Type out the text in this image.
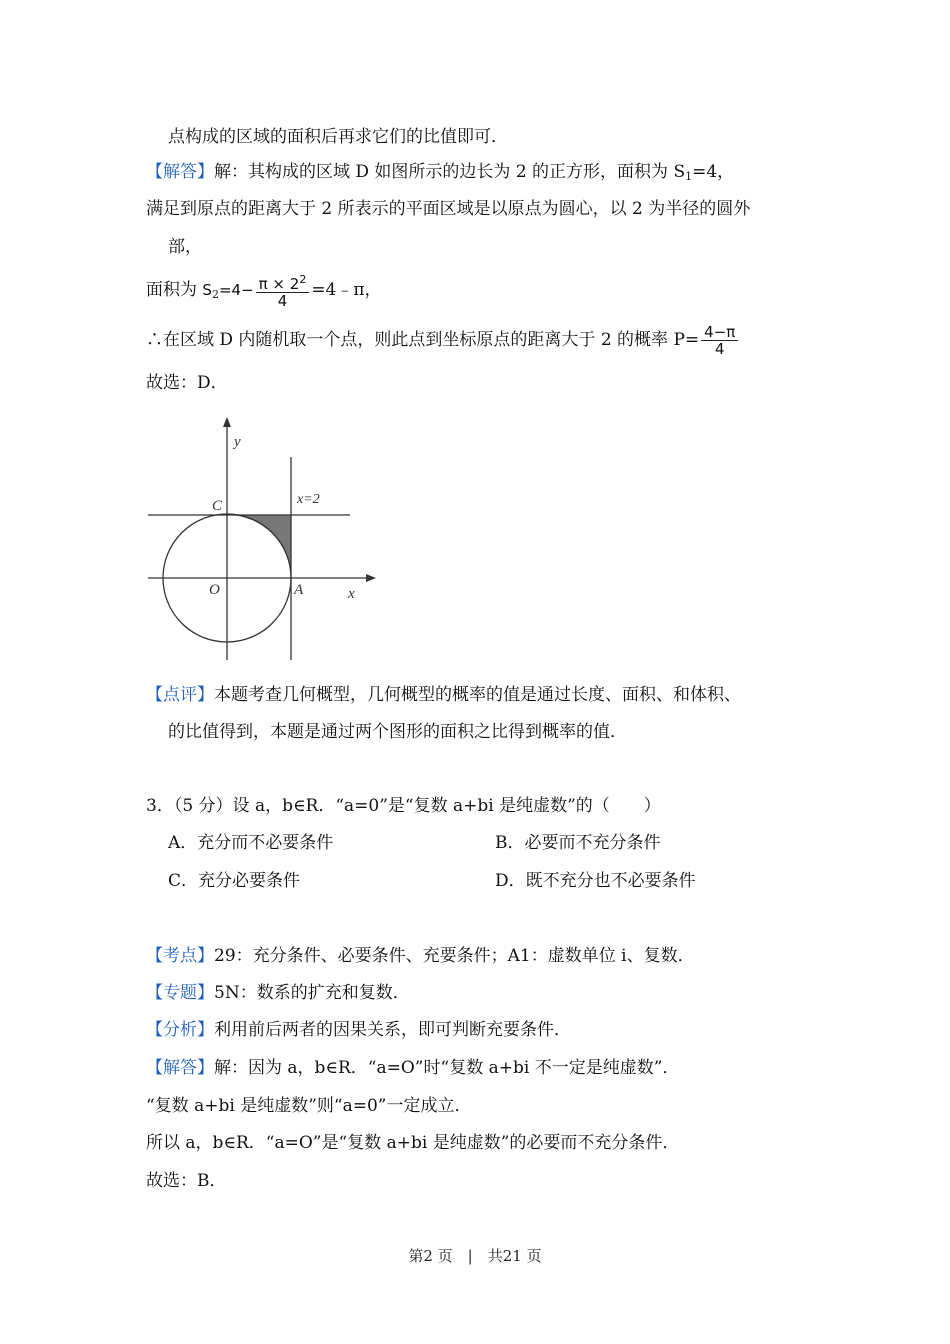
点构成的区域的面积后再求它们的比值即可．
【解答】解：其构成的区域 D 如图所示的边长为 2 的正方形，面积为 $S_1=4$，
满足到原点的距离大于 2 所表示的平面区域是以原点为圆心，以 2 为半径的圆外
部，
面积为 $S_2=4- \frac{\pi \times 2^2}{4}$ =4﹣π，
∴在区域 D 内随机取一个点，则此点到坐标原点的距离大于 2 的概率 $P= \frac{4-\pi}{4}$
故选：D．
y
C	x=2
O	A	x
【点评】本题考查几何概型，几何概型的概率的值是通过长度、面积、和体积、
的比值得到，本题是通过两个图形的面积之比得到概率的值．
3．（5 分）设 a，b∈R．“a=0”是“复数 a+bi 是纯虚数”的（　　）
A．充分而不必要条件	B．必要而不充分条件
C．充分必要条件	D．既不充分也不必要条件
【考点】29：充分条件、必要条件、充要条件；A1：虚数单位 i、复数．
【专题】5N：数系的扩充和复数．
【分析】利用前后两者的因果关系，即可判断充要条件．
【解答】解：因为 a，b∈R．“a=O”时“复数 a+bi 不一定是纯虚数”．
“复数 a+bi 是纯虚数”则“a=0”一定成立．
所以 a，b∈R．“a=O”是“复数 a+bi 是纯虚数”的必要而不充分条件．
故选：B．
第2 页　|　共21 页
